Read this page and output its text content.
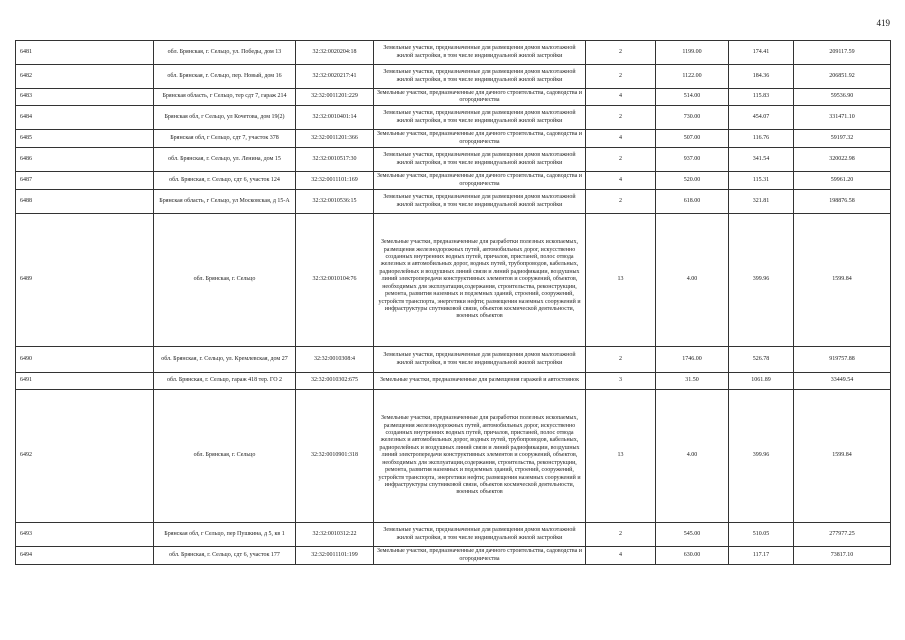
419
6481	обл. Брянская, г. Сельцо, ул. Победы, дом 13	32:32:0020204:18	Земельные участки, предназначенные для размещения домов малоэтажной жилой застройки, в том числе индивидуальной жилой застройки	2	1199.00	174.41	209117.59
6482	обл. Брянская, г. Сельцо, пер. Новый, дом 16	32:32:0020217:41	Земельные участки, предназначенные для размещения домов малоэтажной жилой застройки, в том числе индивидуальной жилой застройки	2	1122.00	184.36	206851.92
6483	Брянская область, г Сельцо, тер сдт 7, гараж 214	32:32:0011201:229	Земельные участки, предназначенные для дачного строительства, садоводства и огородничества	4	514.00	115.83	59536.90
6484	Брянская обл, г Сельцо, ул Кочетова, дом 19(2)	32:32:0010401:14	Земельные участки, предназначенные для размещения домов малоэтажной жилой застройки, в том числе индивидуальной жилой застройки	2	730.00	454.07	331471.10
6485	Брянская обл, г Сельцо, сдт 7, участок 378	32:32:0011201:366	Земельные участки, предназначенные для дачного строительства, садоводства и огородничества	4	507.00	116.76	59197.32
6486	обл. Брянская, г. Сельцо, ул. Ленина, дом 15	32:32:0010517:30	Земельные участки, предназначенные для размещения домов малоэтажной жилой застройки, в том числе индивидуальной жилой застройки	2	937.00	341.54	320022.98
6487	обл. Брянская, г. Сельцо, сдт 6, участок 124	32:32:0011101:169	Земельные участки, предназначенные для дачного строительства, садоводства и огородничества	4	520.00	115.31	59961.20
6488	Брянская область, г Сельцо, ул Московская, д 15-А	32:32:0010536:15	Земельные участки, предназначенные для размещения домов малоэтажной жилой застройки, в том числе индивидуальной жилой застройки	2	618.00	321.81	198876.58
6489	обл. Брянская, г. Сельцо	32:32:0010104:76	Земельные участки, предназначенные для разработки полезных ископаемых, размещения железнодорожных путей, автомобильных дорог, искусственно созданных внутренних водных путей, причалов, пристаней, полос отвода железных и автомобильных дорог, водных путей, трубопроводов, кабельных, радиорелейных и воздушных линий связи и линий радиофикации, воздушных линий электропередачи конструктивных элементов и сооружений, объектов, необходимых для эксплуатации,содержания, строительства, реконструкции, ремонта, развития наземных и подземных зданий, строений, сооружений, устройств транспорта, энергетики нефти; размещения наземных сооружений и инфраструктуры спутниковой связи, объектов космической деятельности, военных объектов	13	4.00	399.96	1599.84
6490	обл. Брянская, г. Сельцо, ул. Кремлевская, дом 27	32:32:0010308:4	Земельные участки, предназначенные для размещения домов малоэтажной жилой застройки, в том числе индивидуальной жилой застройки	2	1746.00	526.78	919757.88
6491	обл. Брянская, г. Сельцо, гараж 418 тер. ГО 2	32:32:0010302:675	Земельные участки, предназначенные для размещения гаражей и автостоянок	3	31.50	1061.89	33449.54
6492	обл. Брянская, г. Сельцо	32:32:0010901:318	Земельные участки, предназначенные для разработки полезных ископаемых, размещения железнодорожных путей, автомобильных дорог, искусственно созданных внутренних водных путей, причалов, пристаней, полос отвода железных и автомобильных дорог, водных путей, трубопроводов, кабельных, радиорелейных и воздушных линий связи и линий радиофикации, воздушных линий электропередачи конструктивных элементов и сооружений, объектов, необходимых для эксплуатации,содержания, строительства, реконструкции, ремонта, развития наземных и подземных зданий, строений, сооружений, устройств транспорта, энергетики нефти; размещения наземных сооружений и инфраструктуры спутниковой связи, объектов космической деятельности, военных объектов	13	4.00	399.96	1599.84
6493	Брянская обл, г Сельцо, пер Пушкина, д 5, кв 1	32:32:0010312:22	Земельные участки, предназначенные для размещения домов малоэтажной жилой застройки, в том числе индивидуальной жилой застройки	2	545.00	510.05	277977.25
6494	обл. Брянская, г. Сельцо, сдт 6, участок 177	32:32:0011101:199	Земельные участки, предназначенные для дачного строительства, садоводства и огородничества	4	630.00	117.17	73817.10
